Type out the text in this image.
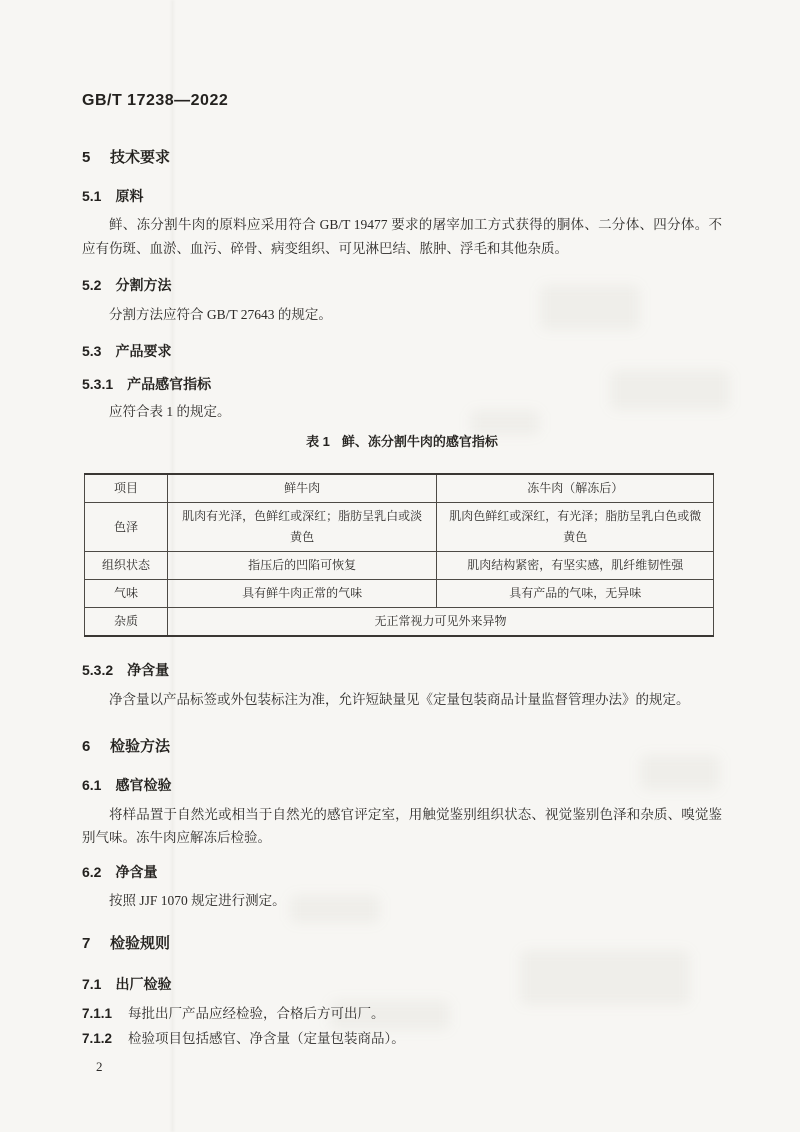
GB/T 17238—2022
5 技术要求
5.1 原料

鲜、冻分割牛肉的原料应采用符合 GB/T 19477 要求的屠宰加工方式获得的胴体、二分体、四分体。不应有伤斑、血淤、血污、碎骨、病变组织、可见淋巴结、脓肿、浮毛和其他杂质。

5.2 分割方法

分割方法应符合 GB/T 27643 的规定。

5.3 产品要求
5.3.1 产品感官指标

应符合表 1 的规定。

表 1 鲜、冻分割牛肉的感官指标
项目	鲜牛肉	冻牛肉（解冻后）
色泽	肌肉有光泽，色鲜红或深红；脂肪呈乳白或淡黄色	肌肉色鲜红或深红，有光泽；脂肪呈乳白色或微黄色
组织状态	指压后的凹陷可恢复	肌肉结构紧密，有坚实感，肌纤维韧性强
气味	具有鲜牛肉正常的气味	具有产品的气味，无异味
杂质	无正常视力可见外来异物	
5.3.2 净含量

净含量以产品标签或外包装标注为准，允许短缺量见《定量包装商品计量监督管理办法》的规定。

6 检验方法
6.1 感官检验

将样品置于自然光或相当于自然光的感官评定室，用触觉鉴别组织状态、视觉鉴别色泽和杂质、嗅觉鉴别气味。冻牛肉应解冻后检验。

6.2 净含量

按照 JJF 1070 规定进行测定。

7 检验规则
7.1 出厂检验

7.1.1 每批出厂产品应经检验，合格后方可出厂。

7.1.2 检验项目包括感官、净含量（定量包装商品）。

2
